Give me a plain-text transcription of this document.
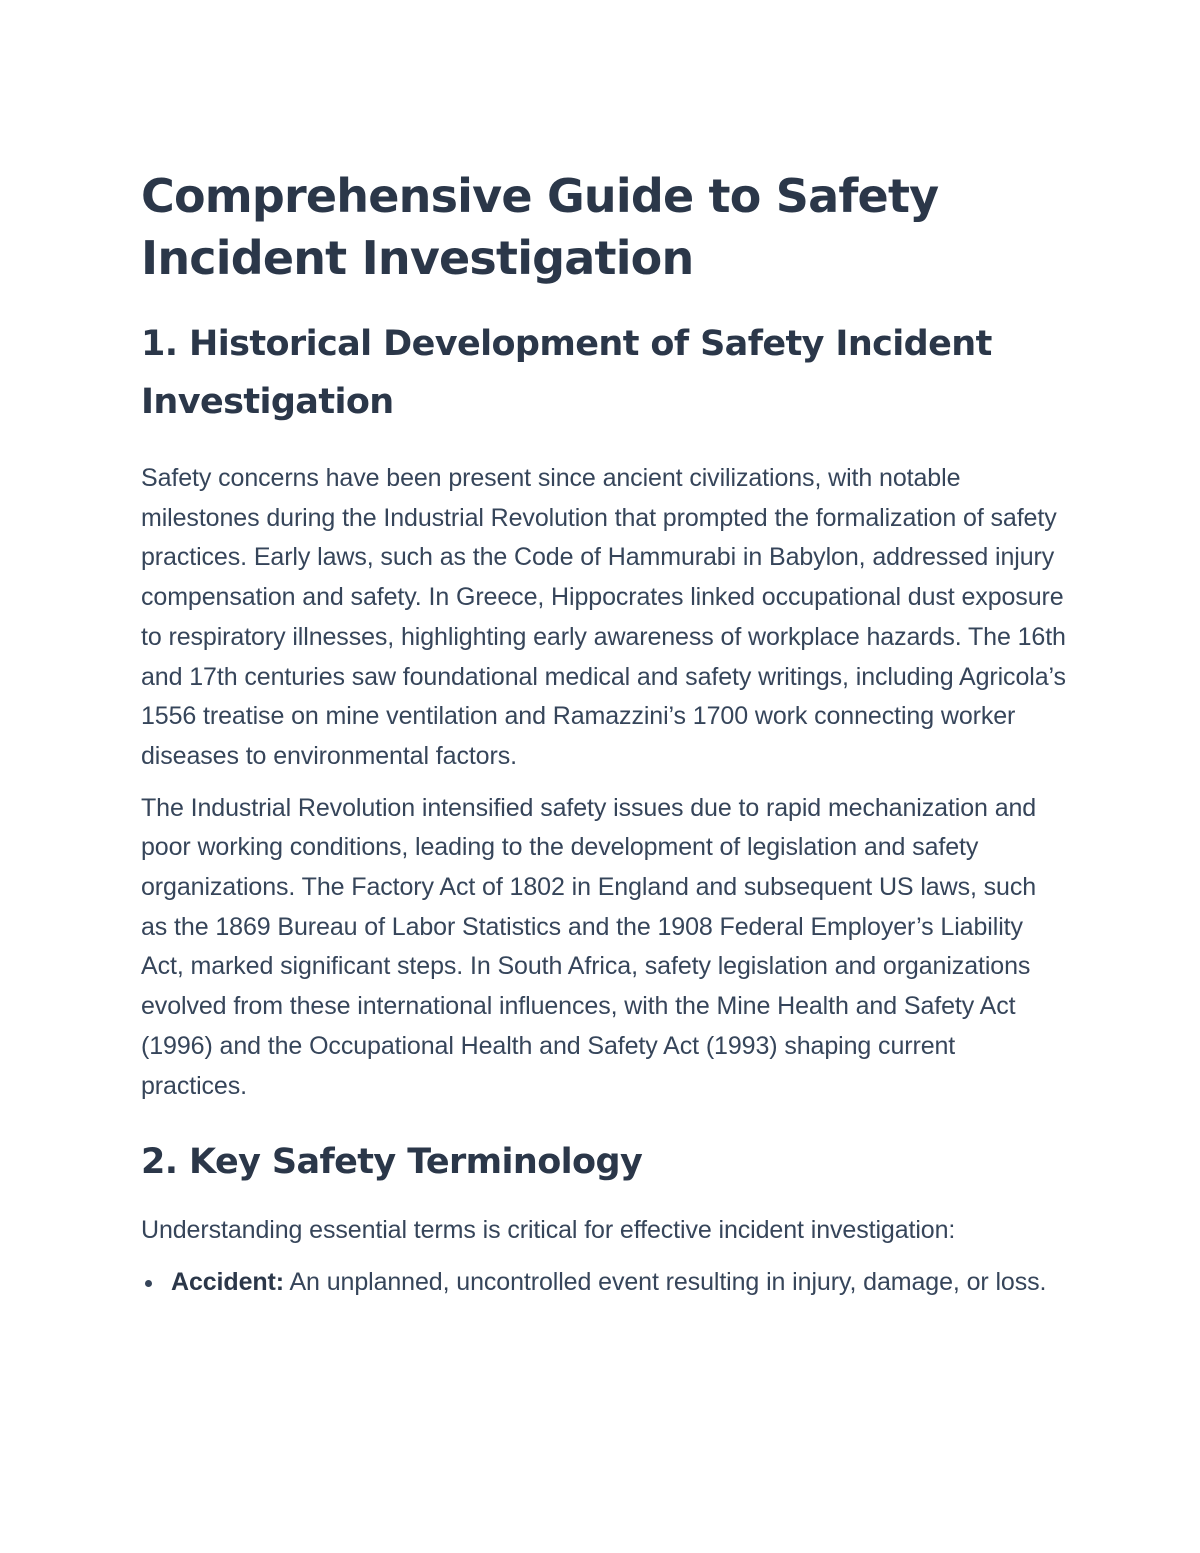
Comprehensive Guide to Safety Incident Investigation
1. Historical Development of Safety Incident Investigation

Safety concerns have been present since ancient civilizations, with notable milestones during the Industrial Revolution that prompted the formalization of safety practices. Early laws, such as the Code of Hammurabi in Babylon, addressed injury compensation and safety. In Greece, Hippocrates linked occupational dust exposure to respiratory illnesses, highlighting early awareness of workplace hazards. The 16th and 17th centuries saw foundational medical and safety writings, including Agricola’s 1556 treatise on mine ventilation and Ramazzini’s 1700 work connecting worker diseases to environmental factors.

The Industrial Revolution intensified safety issues due to rapid mechanization and poor working conditions, leading to the development of legislation and safety organizations. The Factory Act of 1802 in England and subsequent US laws, such as the 1869 Bureau of Labor Statistics and the 1908 Federal Employer’s Liability Act, marked significant steps. In South Africa, safety legislation and organizations evolved from these international influences, with the Mine Health and Safety Act (1996) and the Occupational Health and Safety Act (1993) shaping current practices.

2. Key Safety Terminology

Understanding essential terms is critical for effective incident investigation:

Accident: An unplanned, uncontrolled event resulting in injury, damage, or loss.
